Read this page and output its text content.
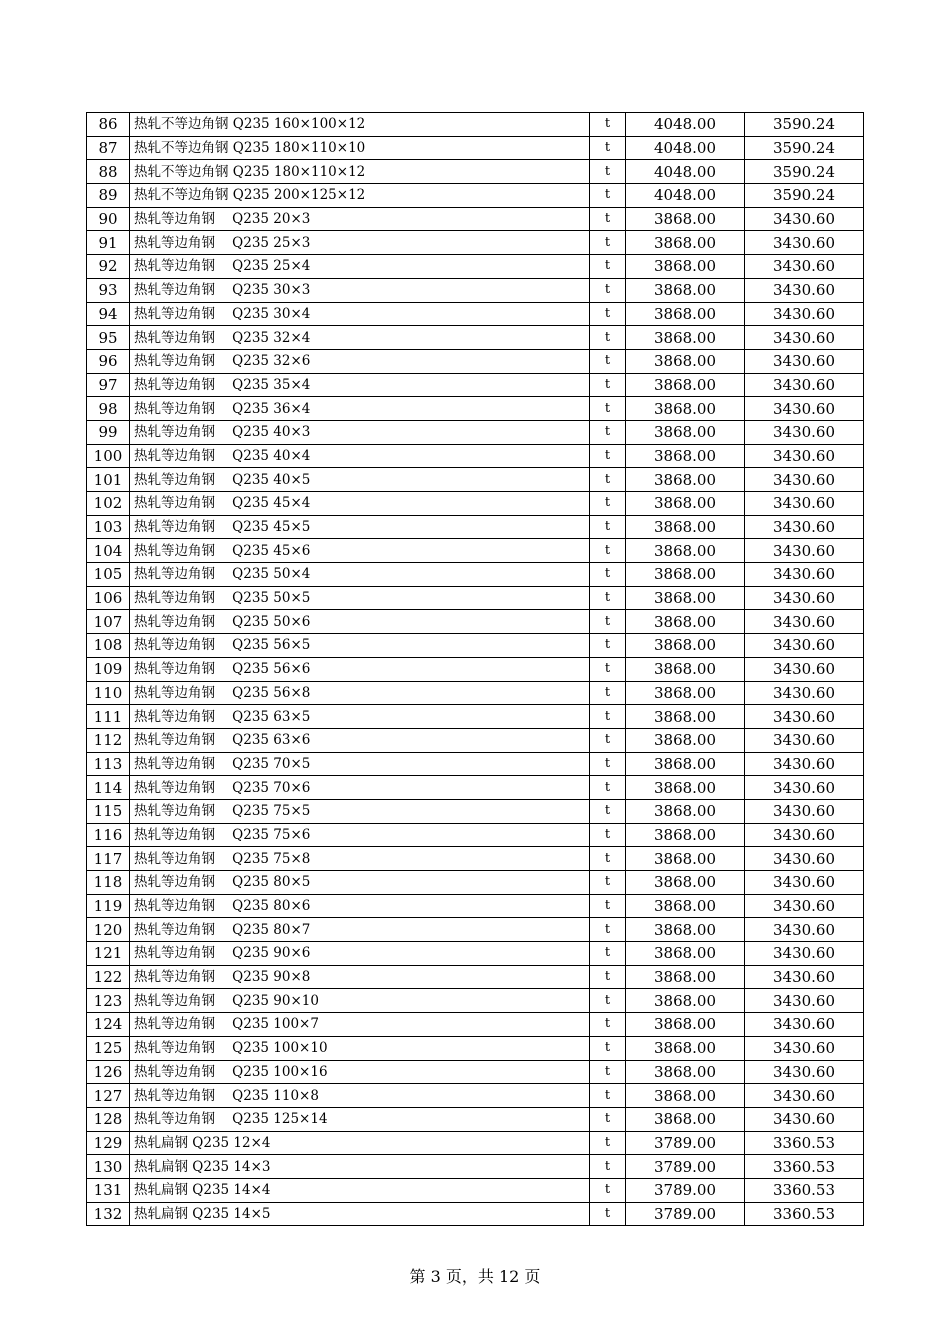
86	热轧不等边角钢 Q235 160×100×12	t	4048.00	3590.24
87	热轧不等边角钢 Q235 180×110×10	t	4048.00	3590.24
88	热轧不等边角钢 Q235 180×110×12	t	4048.00	3590.24
89	热轧不等边角钢 Q235 200×125×12	t	4048.00	3590.24
90	热轧等边角钢    Q235 20×3	t	3868.00	3430.60
91	热轧等边角钢    Q235 25×3	t	3868.00	3430.60
92	热轧等边角钢    Q235 25×4	t	3868.00	3430.60
93	热轧等边角钢    Q235 30×3	t	3868.00	3430.60
94	热轧等边角钢    Q235 30×4	t	3868.00	3430.60
95	热轧等边角钢    Q235 32×4	t	3868.00	3430.60
96	热轧等边角钢    Q235 32×6	t	3868.00	3430.60
97	热轧等边角钢    Q235 35×4	t	3868.00	3430.60
98	热轧等边角钢    Q235 36×4	t	3868.00	3430.60
99	热轧等边角钢    Q235 40×3	t	3868.00	3430.60
100	热轧等边角钢    Q235 40×4	t	3868.00	3430.60
101	热轧等边角钢    Q235 40×5	t	3868.00	3430.60
102	热轧等边角钢    Q235 45×4	t	3868.00	3430.60
103	热轧等边角钢    Q235 45×5	t	3868.00	3430.60
104	热轧等边角钢    Q235 45×6	t	3868.00	3430.60
105	热轧等边角钢    Q235 50×4	t	3868.00	3430.60
106	热轧等边角钢    Q235 50×5	t	3868.00	3430.60
107	热轧等边角钢    Q235 50×6	t	3868.00	3430.60
108	热轧等边角钢    Q235 56×5	t	3868.00	3430.60
109	热轧等边角钢    Q235 56×6	t	3868.00	3430.60
110	热轧等边角钢    Q235 56×8	t	3868.00	3430.60
111	热轧等边角钢    Q235 63×5	t	3868.00	3430.60
112	热轧等边角钢    Q235 63×6	t	3868.00	3430.60
113	热轧等边角钢    Q235 70×5	t	3868.00	3430.60
114	热轧等边角钢    Q235 70×6	t	3868.00	3430.60
115	热轧等边角钢    Q235 75×5	t	3868.00	3430.60
116	热轧等边角钢    Q235 75×6	t	3868.00	3430.60
117	热轧等边角钢    Q235 75×8	t	3868.00	3430.60
118	热轧等边角钢    Q235 80×5	t	3868.00	3430.60
119	热轧等边角钢    Q235 80×6	t	3868.00	3430.60
120	热轧等边角钢    Q235 80×7	t	3868.00	3430.60
121	热轧等边角钢    Q235 90×6	t	3868.00	3430.60
122	热轧等边角钢    Q235 90×8	t	3868.00	3430.60
123	热轧等边角钢    Q235 90×10	t	3868.00	3430.60
124	热轧等边角钢    Q235 100×7	t	3868.00	3430.60
125	热轧等边角钢    Q235 100×10	t	3868.00	3430.60
126	热轧等边角钢    Q235 100×16	t	3868.00	3430.60
127	热轧等边角钢    Q235 110×8	t	3868.00	3430.60
128	热轧等边角钢    Q235 125×14	t	3868.00	3430.60
129	热轧扁钢 Q235 12×4	t	3789.00	3360.53
130	热轧扁钢 Q235 14×3	t	3789.00	3360.53
131	热轧扁钢 Q235 14×4	t	3789.00	3360.53
132	热轧扁钢 Q235 14×5	t	3789.00	3360.53
第 3 页，共 12 页
